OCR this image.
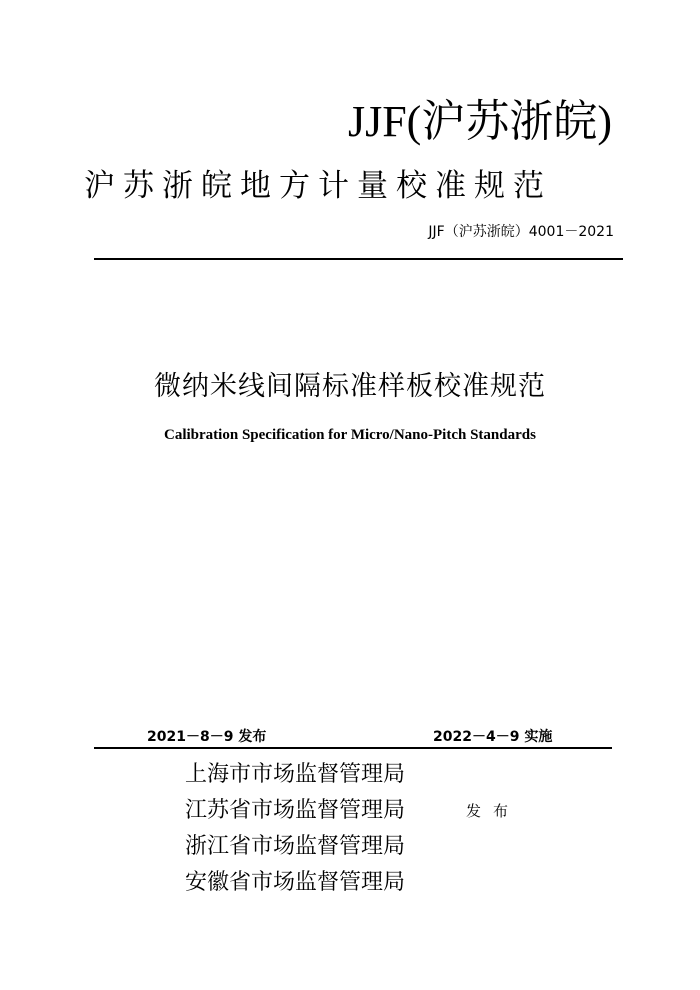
JJF(沪苏浙皖)
沪苏浙皖地方计量校准规范
JJF（沪苏浙皖）4001－2021
微纳米线间隔标准样板校准规范
Calibration Specification for Micro/Nano-Pitch Standards
2021－8－9 发布	2022－4－9 实施
上海市市场监督管理局
江苏省市场监督管理局
浙江省市场监督管理局
安徽省市场监督管理局
发布
